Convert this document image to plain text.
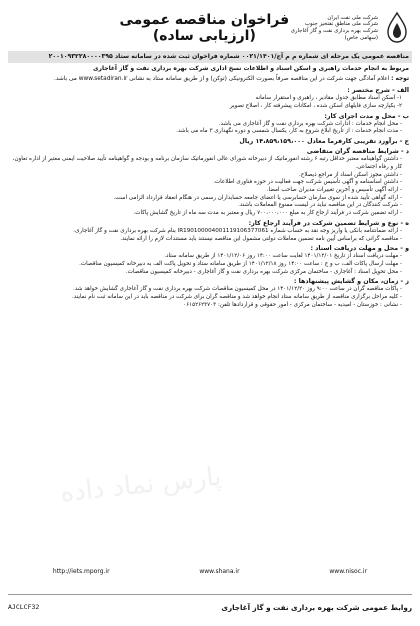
شرکت ملی نفت ایران
شرکت ملی مناطق نفتخیز جنوب
شرکت بهره برداری نفت و گاز آغاجاری
(سهامی خاص)
فراخوان مناقصه عمومی (ارزیابی ساده)
مناقصه عمومی یک مرحله ای شماره م م آج/۰۰۲۱/۱۴۰۱ شماره فراخوان ثبت شده در سامانه ستاد ۲۰۰۱۰۹۳۲۲۸۰۰۰۰۳۹۵
مربوط به انجام خدمات راهبری و اسکن اسناد و اطلاعات نسخ اداری شرکت بهره برداری نفت و گاز آغاجاری
توجه : اعلام آمادگی جهت شرکت در این مناقصه صرفاً بصورت الکترونیکی (توکن) و از طریق سامانه ستاد به نشانی www.setadiran.ir می باشد.
الف - شرح مختصر :
۱- اسکن اسناد مطابق جدول مقادیر ، راهبری و استقرار سامانه
۲- یکپارچه سازی فایلهای اسکن شده ، امکانات پیشرفته کار ، اصلاح تصویر
ب - محل و مدت اجرای کار:
- محل انجام خدمات : ادارات شرکت بهره برداری نفت و گاز آغاجاری می باشد.
- مدت انجام خدمات : از تاریخ ابلاغ شروع به کار، یکسال شمسی و دوره نگهداری ۳ ماه می باشد.
ج - برآورد تقریبی کارفرما معادل ۱۴،۸۵۹،۱۵۹،۰۰۰ ریال
د - شرایط مناقصه گران متقاضی
- داشتن گواهینامه معتبر حداقل رتبه ۶ رشته انفورماتیک از دبیرخانه شورای عالی انفورماتیک سازمان برنامه و بودجه و گواهینامه تأیید صلاحیت ایمنی معتبر از اداره تعاون، کار و رفاه اجتماعی.
- داشتن مجوز اسکن اسناد از مراجع ذیصلاح.
- داشتن اساسنامه و آگهی تأسیس شرکت جهت فعالیت در حوزه فناوری اطلاعات.
- ارائه آگهی تأسیس و آخرین تغییرات مدیران صاحب امضا.
- ارائه گواهی تأیید شده از سوی سازمان حسابرسی یا اعضای جامعه حسابداران رسمی در هنگام انعقاد قرارداد الزامی است.
- شرکت کنندگان در این مناقصه نباید در لیست ممنوع المعاملات باشند.
- ارائه تضمین شرکت در فرآیند ارجاع کار به مبلغ ۷۰۰،۰۰۰،۰۰۰ ریال و معتبر به مدت سه ماه از تاریخ گشایش پاکات.
ه - نوع و شرایط تضمین شرکت در فرآیند ارجاع کار:
- ارائه ضمانتنامه بانکی یا واریز وجه نقد به حساب شماره IR190100004001119106377061 بنام شرکت بهره برداری نفت و گاز آغاجاری.
- مناقصه گرانی که براساس آیین نامه تضمین معاملات دولتی مشمول این مناقصه نیستند باید مستندات لازم را ارائه نمایند.
و - محل و مهلت دریافت اسناد :
- مهلت دریافت اسناد از تاریخ ۱۴۰۱/۱۲/۰۱ لغایت ساعت ۱۴:۰۰ روز ۱۴۰۱/۱۲/۰۶ از طریق سامانه ستاد.
- مهلت ارسال پاکات الف، ب و ج : ساعت ۱۴:۰۰ روز ۱۴۰۱/۱۲/۱۸ از طریق سامانه ستاد و تحویل پاکت الف به دبیرخانه کمیسیون مناقصات.
- محل تحویل اسناد : آغاجاری - ساختمان مرکزی شرکت بهره برداری نفت و گاز آغاجاری - دبیرخانه کمیسیون مناقصات.
ز - زمان، مکان و گشایش پیشنهادها :
- پاکات مناقصه گران در ساعت ۹:۰۰ روز ۱۴۰۱/۱۲/۲۰ در محل کمیسیون مناقصات شرکت بهره برداری نفت و گاز آغاجاری گشایش خواهد شد.
- کلیه مراحل برگزاری مناقصه از طریق سامانه ستاد انجام خواهد شد و مناقصه گران برای شرکت در مناقصه باید در این سامانه ثبت نام نمایند.
- نشانی : خوزستان - امیدیه - ساختمان مرکزی - امور حقوقی و قراردادها تلفن: ۰۶۱۵۲۶۲۳۷۰۳
پارس نماد داده
http://iets.mporg.ir	www.shana.ir	www.nisoc.ir
روابط عمومی شرکت بهره برداری نفت و گاز آغاجاری
AJCLCF32
